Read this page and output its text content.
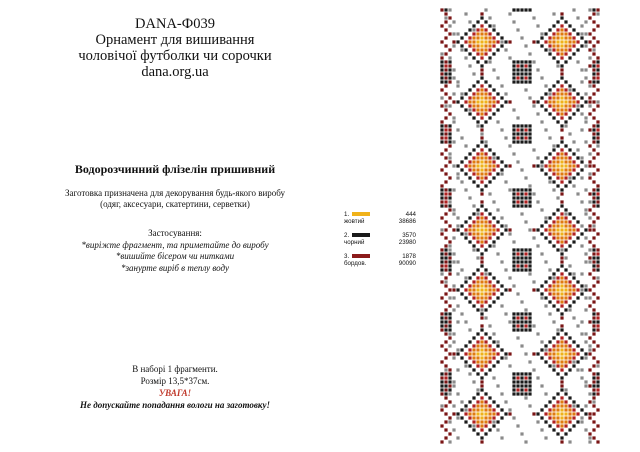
DANA-Ф039
Орнамент для вишивання
чоловічої футболки чи сорочки
dana.org.ua
Водорозчинний флізелін пришивний
Заготовка призначена для декорування будь-якого виробу
(одяг, аксесуари, скатертини, серветки)
Застосування:
*виріжте фрагмент, та приметайте до виробу
*вишийте бісером чи нитками
*занурте виріб в теплу воду
В наборі 1 фрагменти.
Розмір 13,5*37см.
УВАГА!
Не допускайте попадання вологи на заготовку!
1.	444
жовтий	38686
2.	3570
чорний	23980
3.	1878
бордов.	90090
